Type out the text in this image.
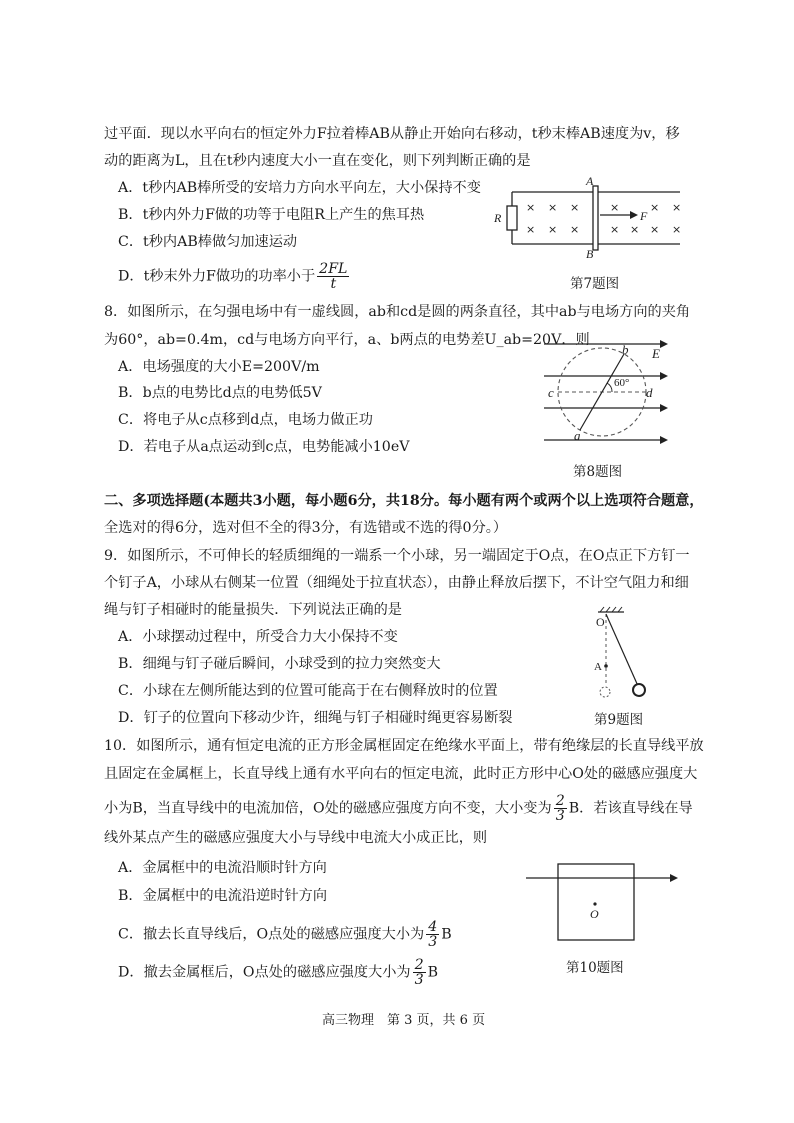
过平面．现以水平向右的恒定外力F拉着棒AB从静止开始向右移动，t秒末棒AB速度为v，移
动的距离为L，且在t秒内速度大小一直在变化，则下列判断正确的是
A．t秒内AB棒所受的安培力方向水平向左，大小保持不变
B．t秒内外力F做的功等于电阻R上产生的焦耳热
C．t秒内AB棒做匀加速运动
D．t秒末外力F做功的功率小于 $\frac{2FL}{t}$
R
A
B
F
× × ×	×	× ×
× × ×	× × × ×
第7题图
8．如图所示，在匀强电场中有一虚线圆，ab和cd是圆的两条直径，其中ab与电场方向的夹角
为60°，ab=0.4m，cd与电场方向平行，a、b两点的电势差U_ab=20V．则
A．电场强度的大小E=200V/m
B．b点的电势比d点的电势低5V
C．将电子从c点移到d点，电场力做正功
D．若电子从a点运动到c点，电势能减小10eV
60°
b
a
c	d
E
第8题图
二、多项选择题(本题共3小题，每小题6分，共18分。每小题有两个或两个以上选项符合题意，
全选对的得6分，选对但不全的得3分，有选错或不选的得0分。）
9．如图所示，不可伸长的轻质细绳的一端系一个小球，另一端固定于O点，在O点正下方钉一
个钉子A，小球从右侧某一位置（细绳处于拉直状态），由静止释放后摆下，不计空气阻力和细
绳与钉子相碰时的能量损失．下列说法正确的是
A．小球摆动过程中，所受合力大小保持不变
B．细绳与钉子碰后瞬间，小球受到的拉力突然变大
C．小球在左侧所能达到的位置可能高于在右侧释放时的位置
D．钉子的位置向下移动少许，细绳与钉子相碰时绳更容易断裂
O
A
第9题图
10．如图所示，通有恒定电流的正方形金属框固定在绝缘水平面上，带有绝缘层的长直导线平放
且固定在金属框上，长直导线上通有水平向右的恒定电流，此时正方形中心O处的磁感应强度大
小为B，当直导线中的电流加倍，O处的磁感应强度方向不变，大小变为 $\frac{2}{3}$ B．若该直导线在导
线外某点产生的磁感应强度大小与导线中电流大小成正比，则
A．金属框中的电流沿顺时针方向
B．金属框中的电流沿逆时针方向
C．撤去长直导线后，O点处的磁感应强度大小为 $\frac{4}{3}$ B
D．撤去金属框后，O点处的磁感应强度大小为 $\frac{2}{3}$ B
O
第10题图
高三物理　第 3 页，共 6 页
